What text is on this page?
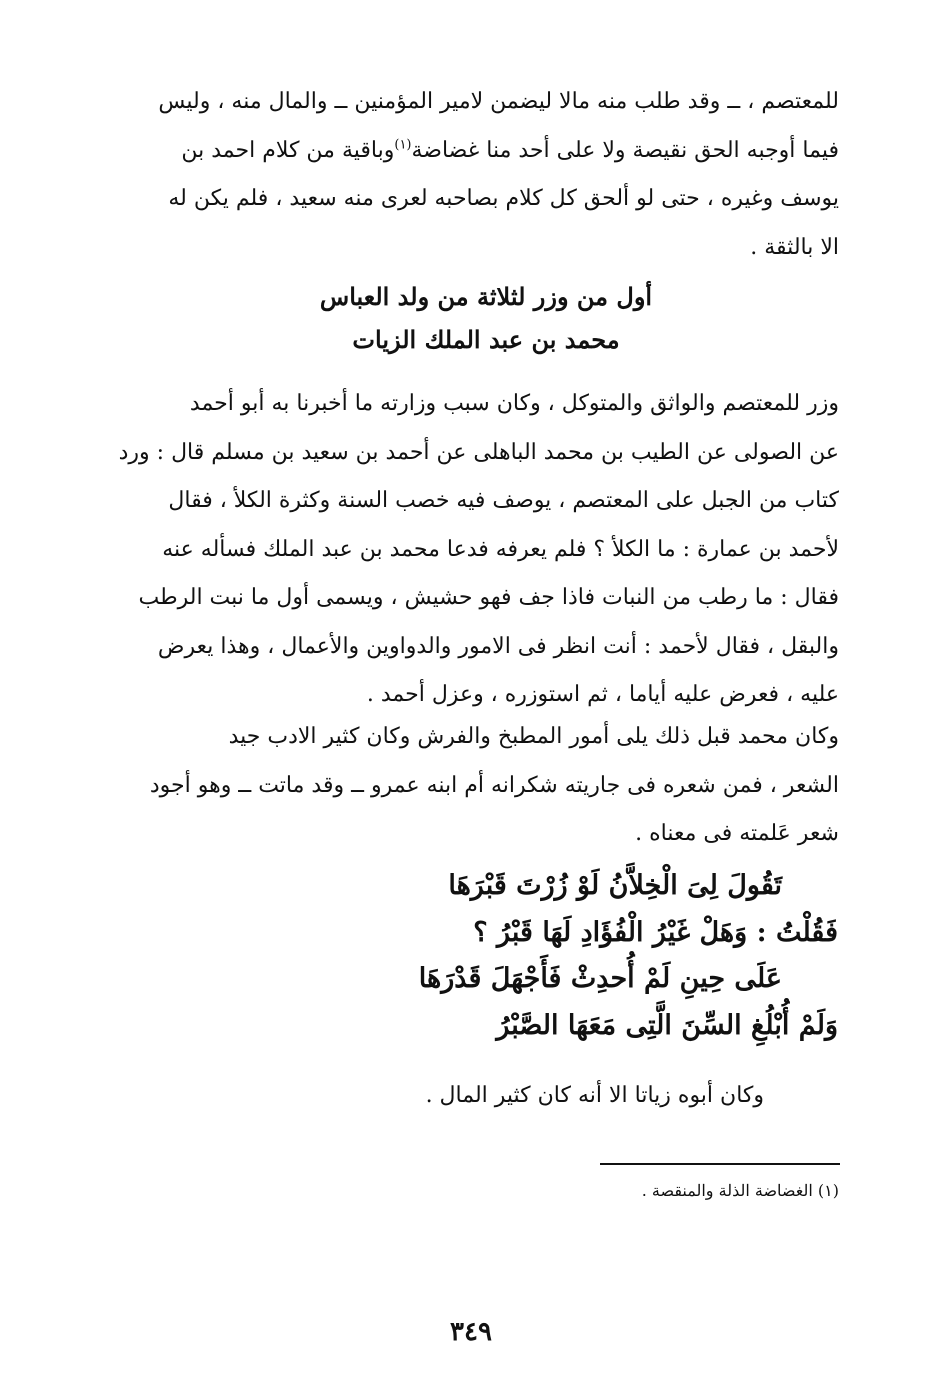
للمعتصم ، ــ وقد طلب منه مالا ليضمن لامير المؤمنين ــ والمال منه ، وليس
فيما أوجبه الحق نقيصة ولا على أحد منا غضاضة$^{(١)}$وباقية من كلام احمد بن
يوسف وغيره ، حتى لو ألحق كل كلام بصاحبه لعرى منه سعيد ، فلم يكن له
الا بالثقة .

أول من وزر لثلاثة من ولد العباس
محمد بن عبد الملك الزيات

وزر للمعتصم والواثق والمتوكل ، وكان سبب وزارته ما أخبرنا به أبو أحمد
عن الصولى عن الطيب بن محمد الباهلى عن أحمد بن سعيد بن مسلم قال : ورد
كتاب من الجبل على المعتصم ، يوصف فيه خصب السنة وكثرة الكلأ ، فقال
لأحمد بن عمارة : ما الكلأ ؟ فلم يعرفه فدعا محمد بن عبد الملك فسأله عنه
فقال : ما رطب من النبات فاذا جف فهو حشيش ، ويسمى أول ما نبت الرطب
والبقل ، فقال لأحمد : أنت انظر فى الامور والدواوين والأعمال ، وهذا يعرض
عليه ، فعرض عليه أياما ، ثم استوزره ، وعزل أحمد .

وكان محمد قبل ذلك يلى أمور المطبخ والفرش وكان كثير الادب جيد
الشعر ، فمن شعره فى جاريته شكرانه أم ابنه عمرو ــ وقد ماتت ــ وهو أجود
شعر عَلمته فى معناه .

تَقُولَ لِىَ الْخِلاَّنُ لَوْ زُرْتَ قَبْرَهَا
فَقُلْتُ : وَهَلْ غَيْرُ الْفُؤَادِ لَهَا قَبْرُ ؟
عَلَى حِينِ لَمْ أُحدِثْ فَأَجْهَلَ قَدْرَهَا
وَلَمْ أُبْلُغِ السِّنَ الَّتِى مَعَهَا الصَّبْرُ

وكان أبوه زياتا الا أنه كان كثير المال .

(١) الغضاضة الذلة والمنقصة .
٣٤٩
